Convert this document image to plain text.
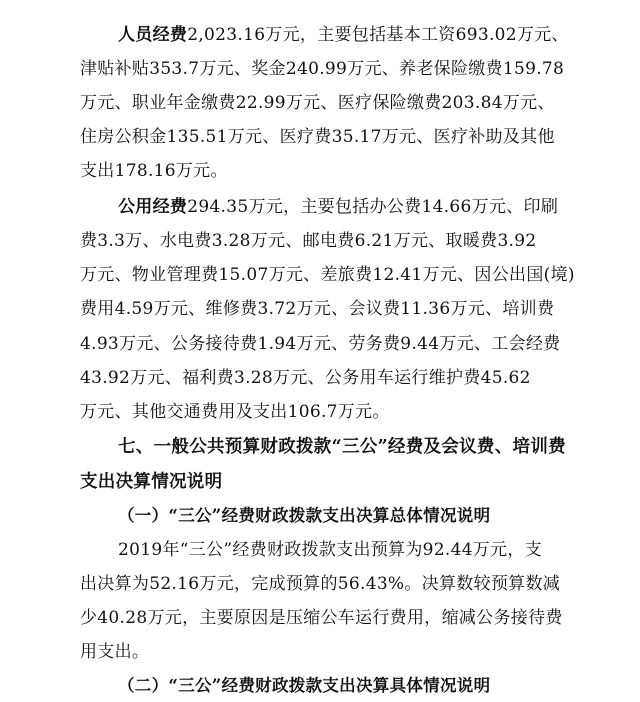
人员经费2,023.16万元，主要包括基本工资693.02万元、
津贴补贴353.7万元、奖金240.99万元、养老保险缴费159.78
万元、职业年金缴费22.99万元、医疗保险缴费203.84万元、
住房公积金135.51万元、医疗费35.17万元、医疗补助及其他
支出178.16万元。
公用经费294.35万元，主要包括办公费14.66万元、印刷
费3.3万、水电费3.28万元、邮电费6.21万元、取暖费3.92
万元、物业管理费15.07万元、差旅费12.41万元、因公出国(境)
费用4.59万元、维修费3.72万元、会议费11.36万元、培训费
4.93万元、公务接待费1.94万元、劳务费9.44万元、工会经费
43.92万元、福利费3.28万元、公务用车运行维护费45.62
万元、其他交通费用及支出106.7万元。
七、一般公共预算财政拨款“三公”经费及会议费、培训费
支出决算情况说明
（一）“三公”经费财政拨款支出决算总体情况说明
2019年“三公”经费财政拨款支出预算为92.44万元，支
出决算为52.16万元，完成预算的56.43%。决算数较预算数减
少40.28万元，主要原因是压缩公车运行费用，缩减公务接待费
用支出。
（二）“三公”经费财政拨款支出决算具体情况说明
